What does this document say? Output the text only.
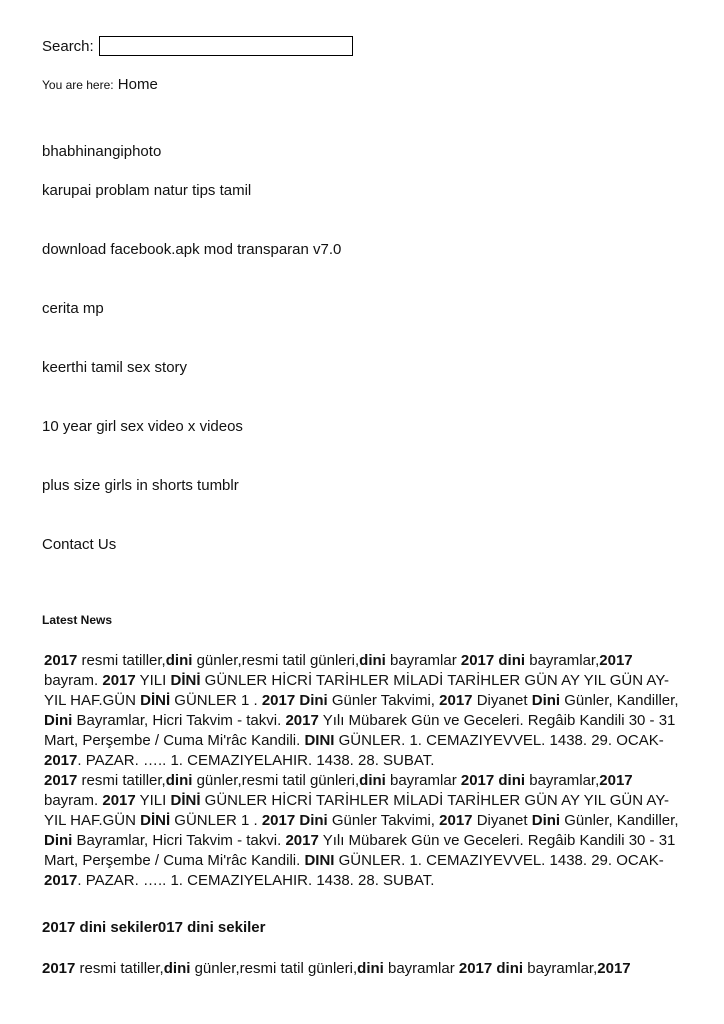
Search:
You are here: Home
bhabhinangiphoto
karupai problam natur tips tamil
download facebook.apk mod transparan v7.0
cerita mp
keerthi tamil sex story
10 year girl sex video x videos
plus size girls in shorts tumblr
Contact Us
Latest News
2017 resmi tatiller,dini günler,resmi tatil günleri,dini bayramlar 2017 dini bayramlar,2017 bayram. 2017 YILI DİNİ GÜNLER HİCRİ TARİHLER MİLADİ TARİHLER GÜN AY YIL GÜN AY-YIL HAF.GÜN DİNİ GÜNLER 1 . 2017 Dini Günler Takvimi, 2017 Diyanet Dini Günler, Kandiller, Dini Bayramlar, Hicri Takvim - takvi. 2017 Yılı Mübarek Gün ve Geceleri. Regâib Kandili 30 - 31 Mart, Perşembe / Cuma Mi'râc Kandili. DINI GÜNLER. 1. CEMAZIYEVVEL. 1438. 29. OCAK-2017. PAZAR. ….. 1. CEMAZIYELAHIR. 1438. 28. SUBAT.
2017 resmi tatiller,dini günler,resmi tatil günleri,dini bayramlar 2017 dini bayramlar,2017 bayram. 2017 YILI DİNİ GÜNLER HİCRİ TARİHLER MİLADİ TARİHLER GÜN AY YIL GÜN AY-YIL HAF.GÜN DİNİ GÜNLER 1 . 2017 Dini Günler Takvimi, 2017 Diyanet Dini Günler, Kandiller, Dini Bayramlar, Hicri Takvim - takvi. 2017 Yılı Mübarek Gün ve Geceleri. Regâib Kandili 30 - 31 Mart, Perşembe / Cuma Mi'râc Kandili. DINI GÜNLER. 1. CEMAZIYEVVEL. 1438. 29. OCAK-2017. PAZAR. ….. 1. CEMAZIYELAHIR. 1438. 28. SUBAT.
2017 dini sekiler017 dini sekiler
2017 resmi tatiller,dini günler,resmi tatil günleri,dini bayramlar 2017 dini bayramlar,2017
